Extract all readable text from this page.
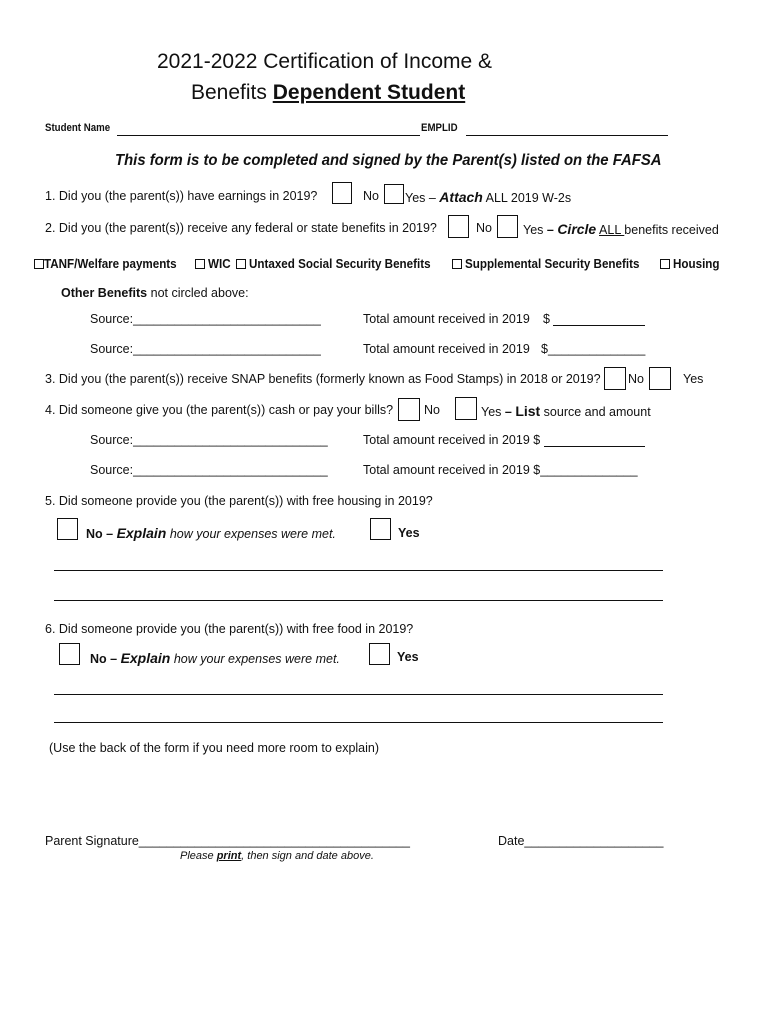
2021-2022 Certification of Income &
Benefits Dependent Student
Student Name	EMPLID
This form is to be completed and signed by the Parent(s) listed on the FAFSA
1. Did you (the parent(s)) have earnings in 2019?	No Yes – Attach ALL 2019 W-2s
2. Did you (the parent(s)) receive any federal or state benefits in 2019?	No Yes – Circle ALL benefits received
TANF/Welfare payments	WIC Untaxed Social Security Benefits	Supplemental Security Benefits	Housing
Other Benefits not circled above:
Source:___________________________	Total amount received in 2019 $
Source:___________________________	Total amount received in 2019 $______________
3. Did you (the parent(s)) receive SNAP benefits (formerly known as Food Stamps) in 2018 or 2019? No	Yes
4. Did someone give you (the parent(s)) cash or pay your bills? No	Yes – List source and amount
Source:____________________________	Total amount received in 2019 $
Source:____________________________	Total amount received in 2019 $______________
5. Did someone provide you (the parent(s)) with free housing in 2019?
No – Explain how your expenses were met.	Yes
6. Did someone provide you (the parent(s)) with free food in 2019?
No – Explain how your expenses were met.	Yes
(Use the back of the form if you need more room to explain)
Parent Signature_______________________________________	Date____________________
Please print, then sign and date above.
